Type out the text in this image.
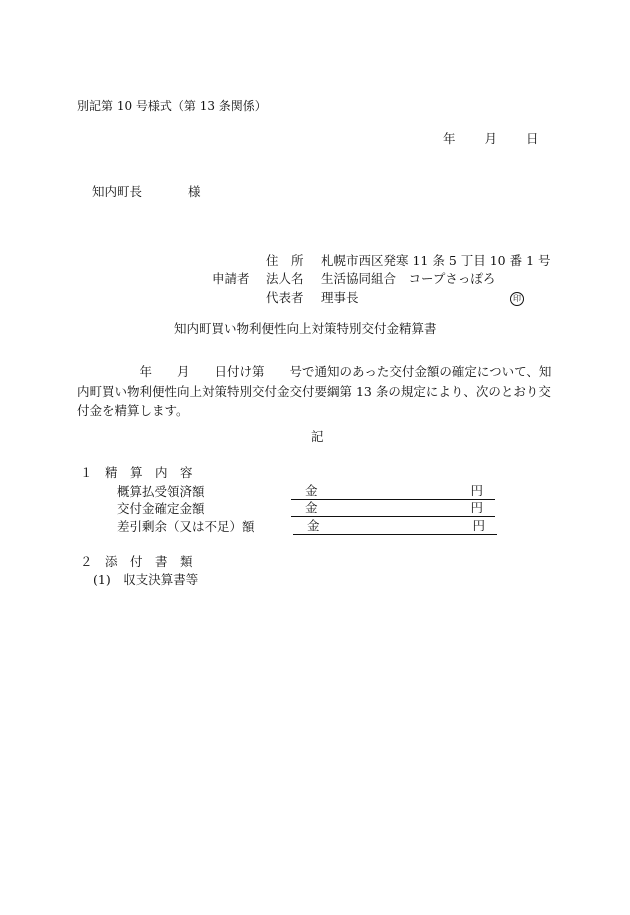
別記第 10 号様式（第 13 条関係）
年 月 日
知内町長	様
住　所 札幌市西区発寒 11 条 5 丁目 10 番 1 号
申請者 法人名 生活協同組合　コープさっぽろ
代表者 理事長	印
知内町買い物利便性向上対策特別交付金精算書
　　　　　年　　月　　日付け第　　号で通知のあった交付金額の確定について、知内町買い物利便性向上対策特別交付金交付要綱第 13 条の規定により、次のとおり交付金を精算します。
記
１　精　算　内　容
概算払受領済額	金	円
交付金確定金額	金	円
差引剰余（又は不足）額	金	円
２　添　付　書　類
(1)　収支決算書等
